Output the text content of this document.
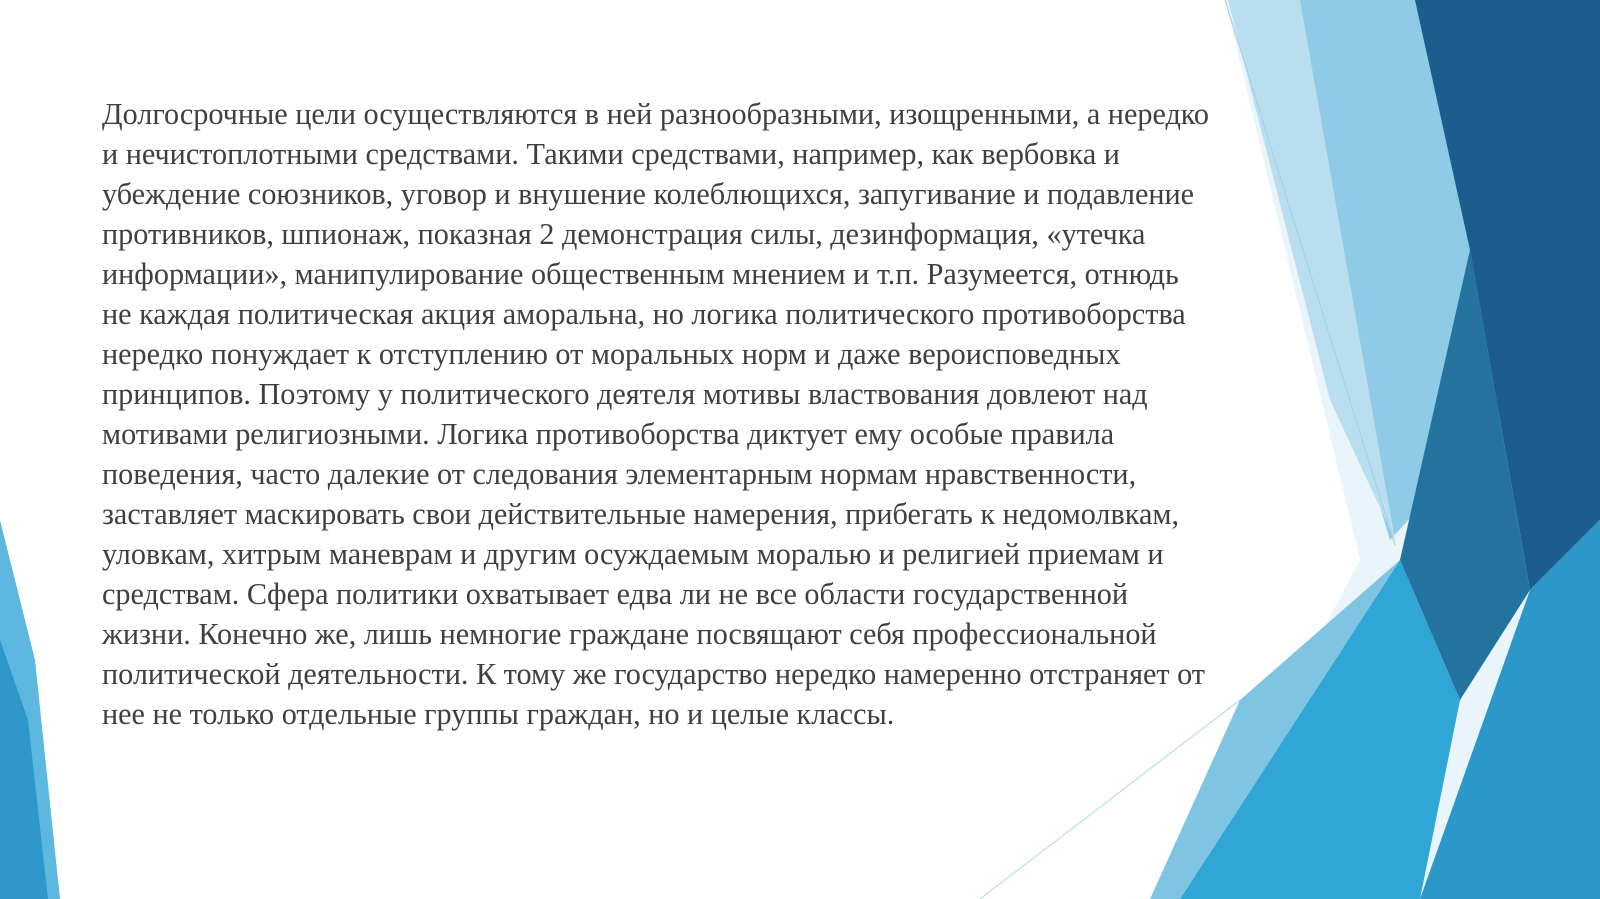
Долгосрочные цели осуществляются в ней разнообразными, изощренными, а нередко
и нечистоплотными средствами. Такими средствами, например, как вербовка и
убеждение союзников, уговор и внушение колеблющихся, запугивание и подавление
противников, шпионаж, показная 2 демонстрация силы, дезинформация, «утечка
информации», манипулирование общественным мнением и т.п. Разумеется, отнюдь
не каждая политическая акция аморальна, но логика политического противоборства
нередко понуждает к отступлению от моральных норм и даже вероисповедных
принципов. Поэтому у политического деятеля мотивы властвования довлеют над
мотивами религиозными. Логика противоборства диктует ему особые правила
поведения, часто далекие от следования элементарным нормам нравственности,
заставляет маскировать свои действительные намерения, прибегать к недомолвкам,
уловкам, хитрым маневрам и другим осуждаемым моралью и религией приемам и
средствам. Сфера политики охватывает едва ли не все области государственной
жизни. Конечно же, лишь немногие граждане посвящают себя профессиональной
политической деятельности. К тому же государство нередко намеренно отстраняет от
нее не только отдельные группы граждан, но и целые классы.
